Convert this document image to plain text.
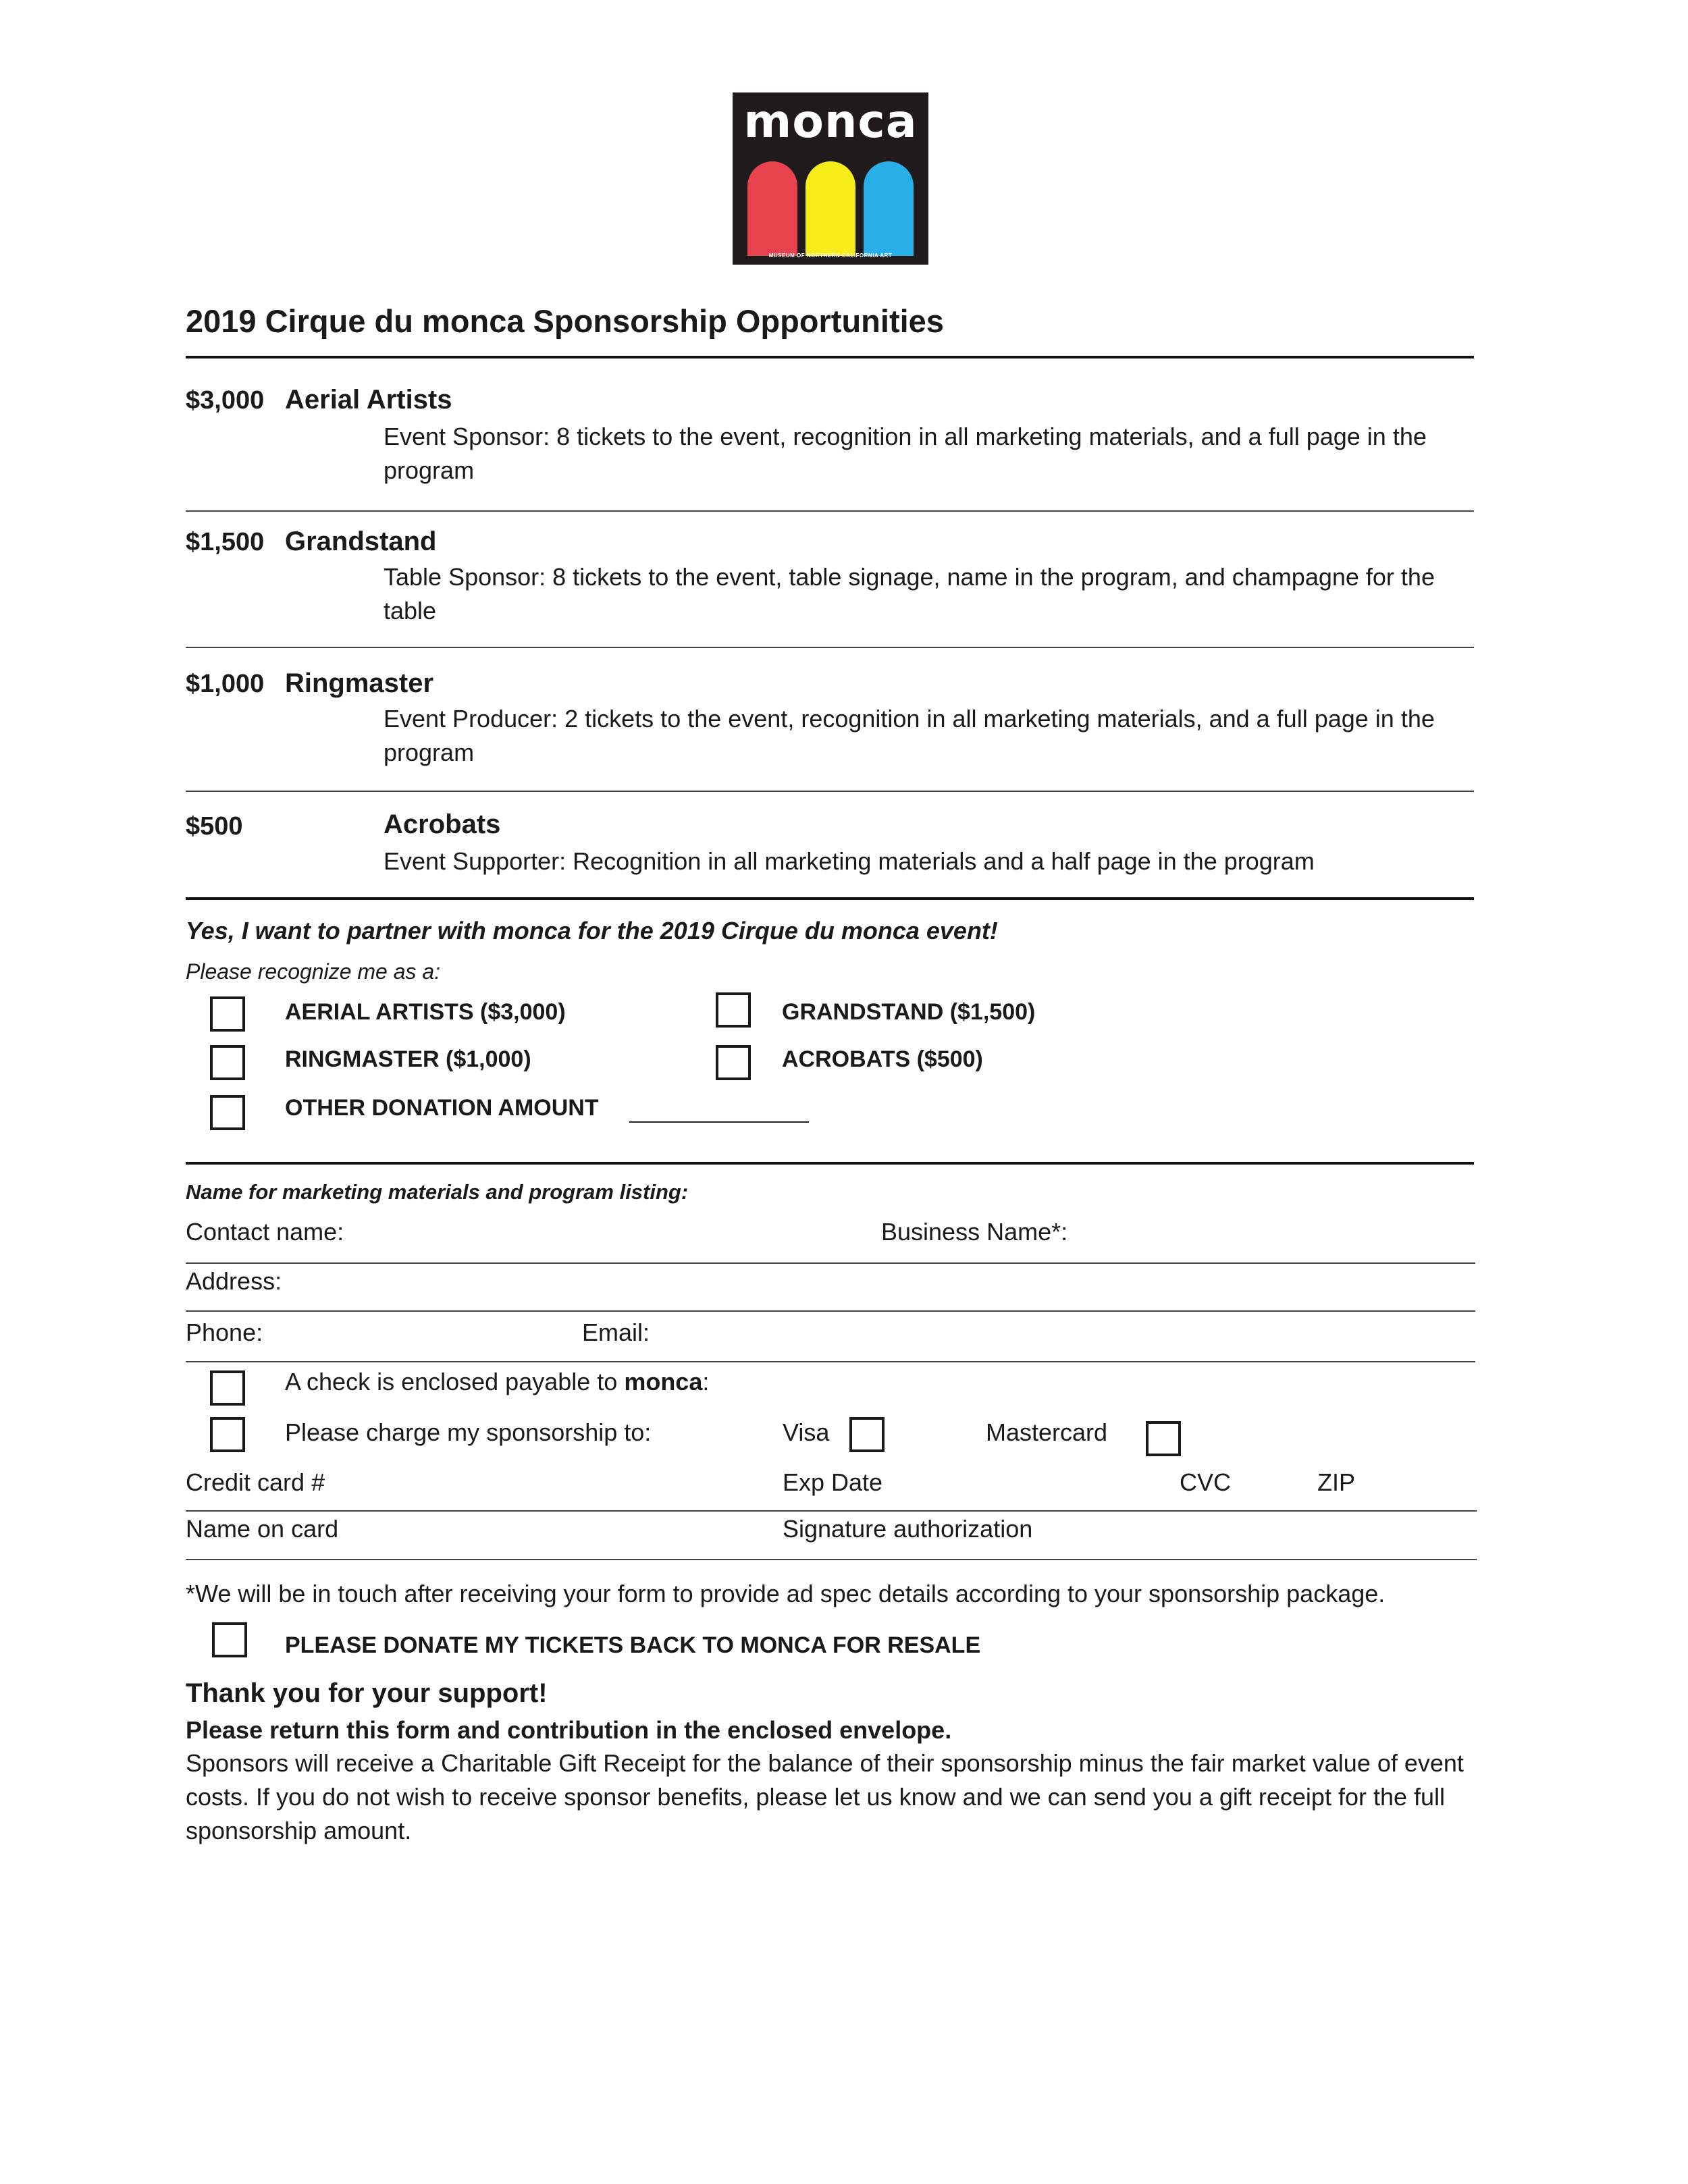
monca
MUSEUM OF NORTHERN CALIFORNIA ART
2019 Cirque du monca Sponsorship Opportunities
$3,000 Aerial Artists
Event Sponsor: 8 tickets to the event, recognition in all marketing materials, and a full page in the program
$1,500 Grandstand
Table Sponsor: 8 tickets to the event, table signage, name in the program, and champagne for the table
$1,000 Ringmaster
Event Producer: 2 tickets to the event, recognition in all marketing materials, and a full page in the program
$500	Acrobats
Event Supporter: Recognition in all marketing materials and a half page in the program
Yes, I want to partner with monca for the 2019 Cirque du monca event!
Please recognize me as a:
AERIAL ARTISTS ($3,000)	GRANDSTAND ($1,500)
RINGMASTER ($1,000)	ACROBATS ($500)
OTHER DONATION AMOUNT
Name for marketing materials and program listing:
Contact name:	Business Name*:
Address:
Phone:	Email:
A check is enclosed payable to monca:
Please charge my sponsorship to:	Visa	Mastercard
Credit card #	Exp Date	CVC	ZIP
Name on card	Signature authorization
*We will be in touch after receiving your form to provide ad spec details according to your sponsorship package.
PLEASE DONATE MY TICKETS BACK TO MONCA FOR RESALE
Thank you for your support!
Please return this form and contribution in the enclosed envelope.
Sponsors will receive a Charitable Gift Receipt for the balance of their sponsorship minus the fair market value of event costs. If you do not wish to receive sponsor benefits, please let us know and we can send you a gift receipt for the full sponsorship amount.
